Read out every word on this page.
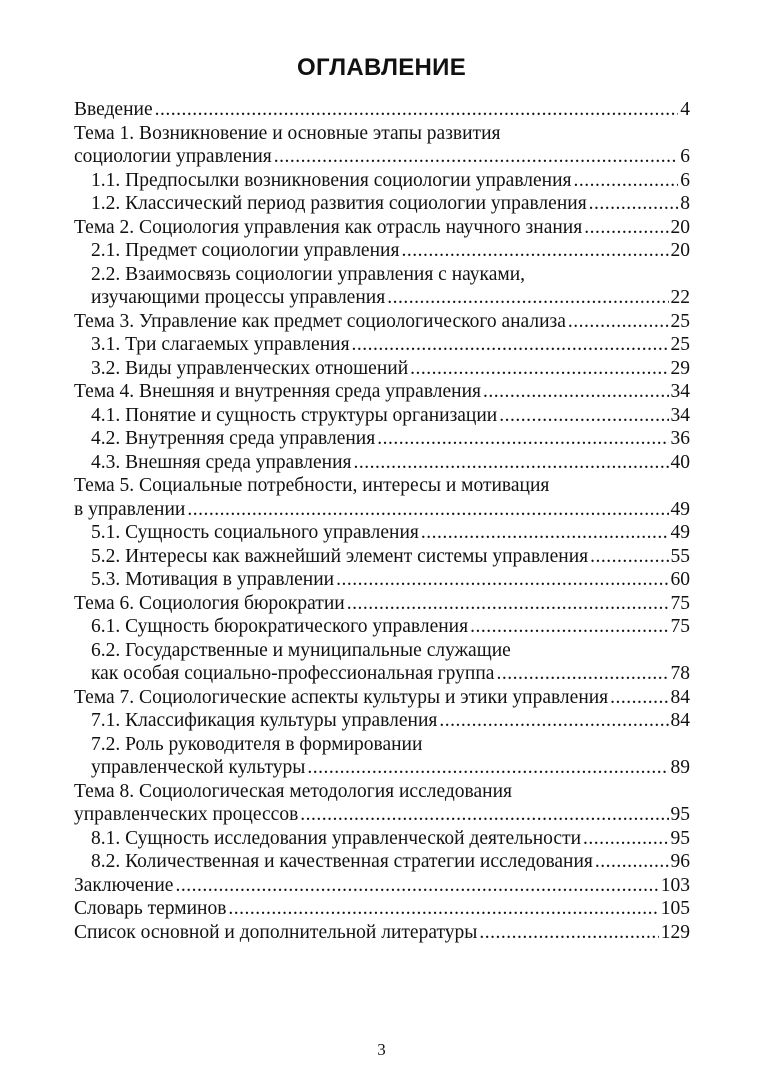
ОГЛАВЛЕНИЕ
Введение .....	4
Тема 1. Возникновение и основные этапы развития
социологии управления .....	6
1.1. Предпосылки возникновения социологии управления .....	6
1.2. Классический период развития социологии управления .....	8
Тема 2. Социология управления как отрасль научного знания .....	20
2.1. Предмет социологии управления .....	20
2.2. Взаимосвязь социологии управления с науками,
изучающими процессы управления .....	22
Тема 3. Управление как предмет социологического анализа .....	25
3.1. Три слагаемых управления .....	25
3.2. Виды управленческих отношений .....	29
Тема 4. Внешняя и внутренняя среда управления .....	34
4.1. Понятие и сущность структуры организации .....	34
4.2. Внутренняя среда управления .....	36
4.3. Внешняя среда управления .....	40
Тема 5. Социальные потребности, интересы и мотивация
в управлении .....	49
5.1. Сущность социального управления .....	49
5.2. Интересы как важнейший элемент системы управления .....	55
5.3. Мотивация в управлении .....	60
Тема 6. Социология бюрократии .....	75
6.1. Сущность бюрократического управления .....	75
6.2. Государственные и муниципальные служащие
как особая социально-профессиональная группа .....	78
Тема 7. Социологические аспекты культуры и этики управления .....	84
7.1. Классификация культуры управления .....	84
7.2. Роль руководителя в формировании
управленческой культуры .....	89
Тема 8. Социологическая методология исследования
управленческих процессов .....	95
8.1. Сущность исследования управленческой деятельности .....	95
8.2. Количественная и качественная стратегии исследования .....	96
Заключение .....	103
Словарь терминов .....	105
Список основной и дополнительной литературы .....	129
3
